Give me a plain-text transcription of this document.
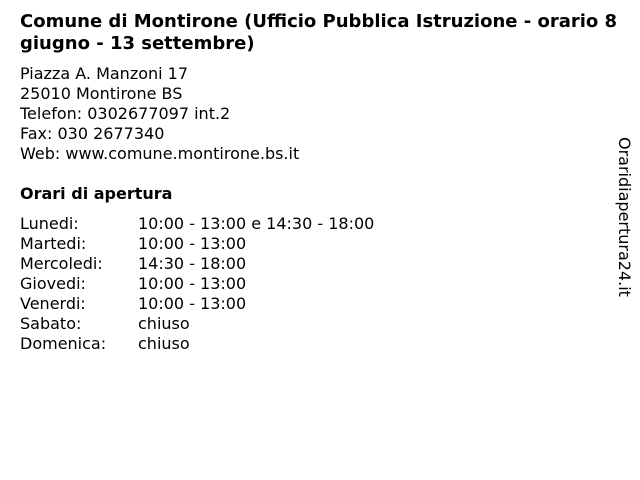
Comune di Montirone (Ufficio Pubblica Istruzione - orario 8 giugno - 13 settembre)
Piazza A. Manzoni 17
25010 Montirone BS
Telefon: 0302677097 int.2
Fax: 030 2677340
Web: www.comune.montirone.bs.it
Orari di apertura
Lunedi:	10:00 - 13:00 e 14:30 - 18:00
Martedi:	10:00 - 13:00
Mercoledi:	14:30 - 18:00
Giovedi:	10:00 - 13:00
Venerdi:	10:00 - 13:00
Sabato:	chiuso
Domenica:	chiuso
Oraridiapertura24.it
